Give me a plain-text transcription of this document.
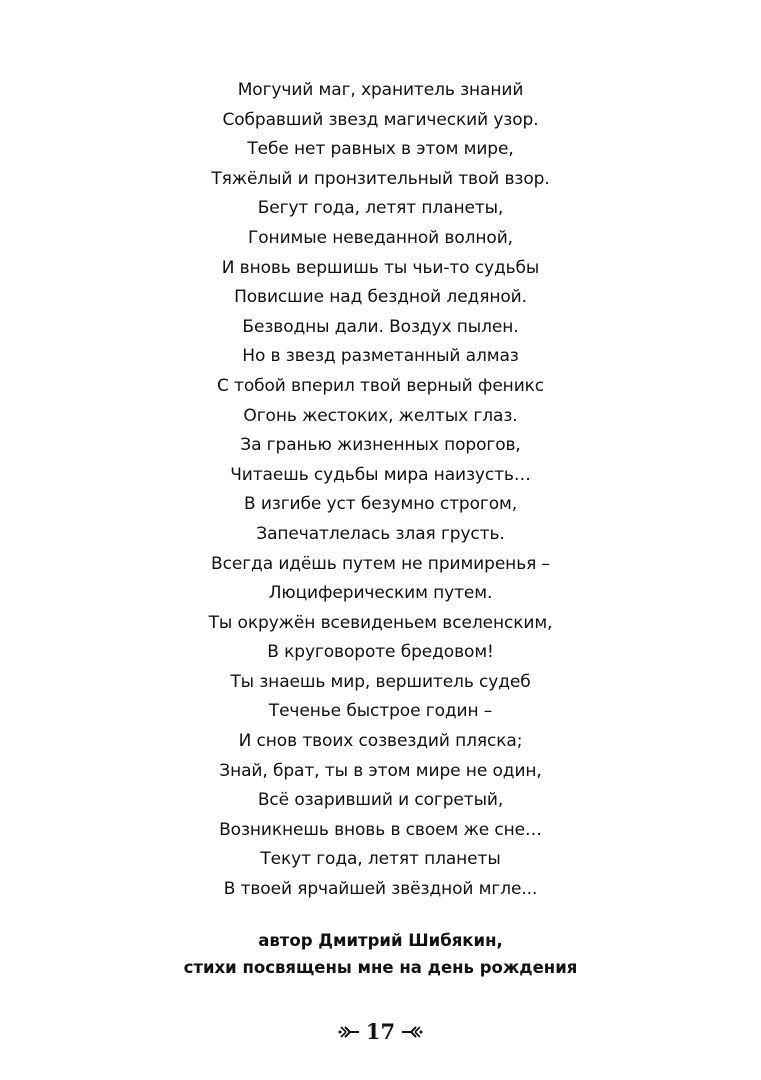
Могучий маг, хранитель знаний
Собравший звезд магический узор.
Тебе нет равных в этом мире,
Тяжёлый и пронзительный твой взор.
Бегут года, летят планеты,
Гонимые неведанной волной,
И вновь вершишь ты чьи-то судьбы
Повисшие над бездной ледяной.
Безводны дали. Воздух пылен.
Но в звезд разметанный алмаз
С тобой вперил твой верный феникс
Огонь жестоких, желтых глаз.
За гранью жизненных порогов,
Читаешь судьбы мира наизусть…
В изгибе уст безумно строгом,
Запечатлелась злая грусть.
Всегда идёшь путем не примиренья –
Люциферическим путем.
Ты окружён всевиденьем вселенским,
В круговороте бредовом!
Ты знаешь мир, вершитель судеб
Теченье быстрое годин –
И снов твоих созвездий пляска;
Знай, брат, ты в этом мире не один,
Всё озаривший и согретый,
Возникнешь вновь в своем же сне…
Текут года, летят планеты
В твоей ярчайшей звёздной мгле...
автор Дмитрий Шибякин,
стихи посвящены мне на день рождения
17
